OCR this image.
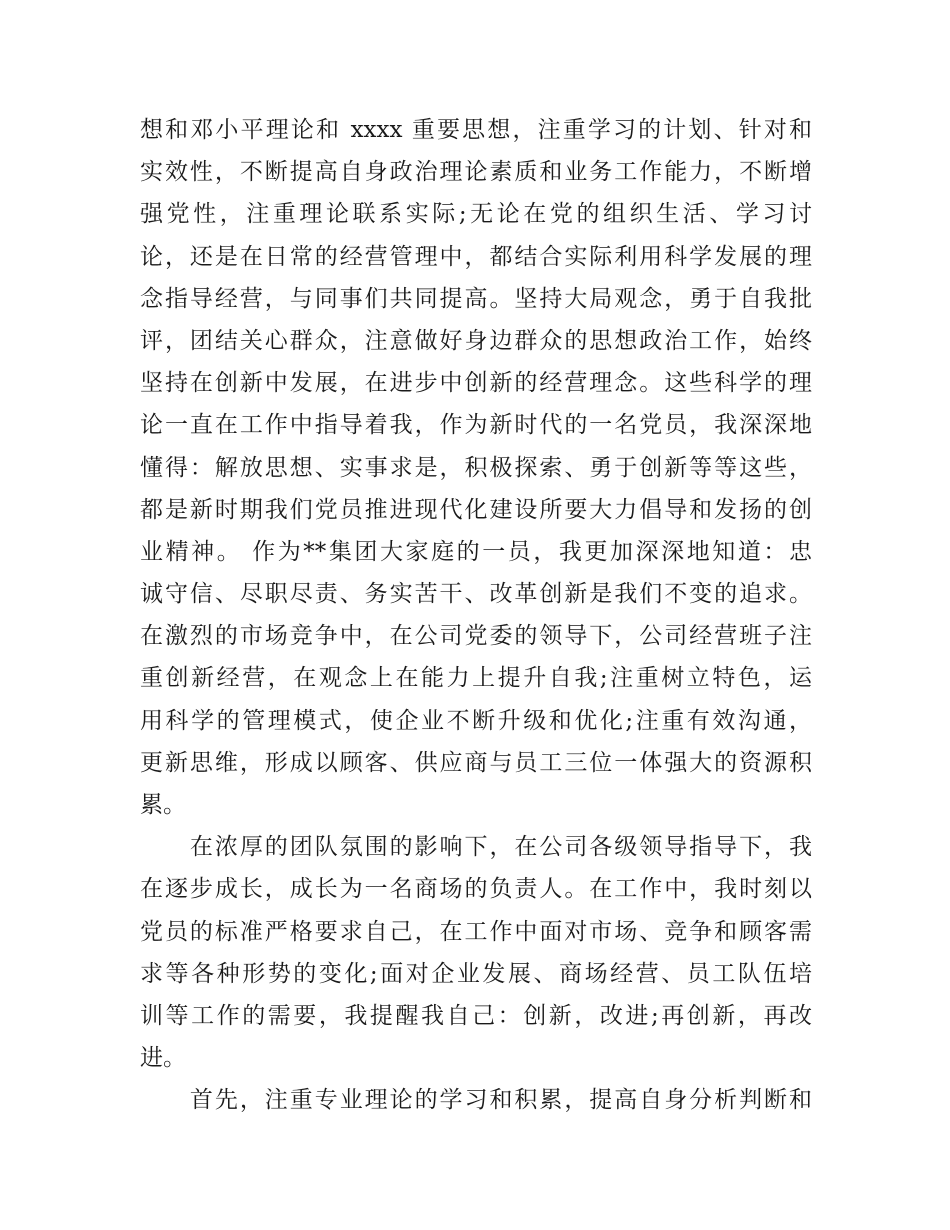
想和邓小平理论和 xxxx 重要思想，注重学习的计划、针对和
实效性，不断提高自身政治理论素质和业务工作能力，不断增
强党性，注重理论联系实际;无论在党的组织生活、学习讨
论，还是在日常的经营管理中，都结合实际利用科学发展的理
念指导经营，与同事们共同提高。坚持大局观念，勇于自我批
评，团结关心群众，注意做好身边群众的思想政治工作，始终
坚持在创新中发展，在进步中创新的经营理念。这些科学的理
论一直在工作中指导着我，作为新时代的一名党员，我深深地
懂得：解放思想、实事求是，积极探索、勇于创新等等这些，
都是新时期我们党员推进现代化建设所要大力倡导和发扬的创
业精神。 作为**集团大家庭的一员，我更加深深地知道：忠
诚守信、尽职尽责、务实苦干、改革创新是我们不变的追求。
在激烈的市场竞争中，在公司党委的领导下，公司经营班子注
重创新经营，在观念上在能力上提升自我;注重树立特色，运
用科学的管理模式，使企业不断升级和优化;注重有效沟通，
更新思维，形成以顾客、供应商与员工三位一体强大的资源积
累。
　　在浓厚的团队氛围的影响下，在公司各级领导指导下，我
在逐步成长，成长为一名商场的负责人。在工作中，我时刻以
党员的标准严格要求自己，在工作中面对市场、竞争和顾客需
求等各种形势的变化;面对企业发展、商场经营、员工队伍培
训等工作的需要，我提醒我自己：创新，改进;再创新，再改
进。
　　首先，注重专业理论的学习和积累，提高自身分析判断和
